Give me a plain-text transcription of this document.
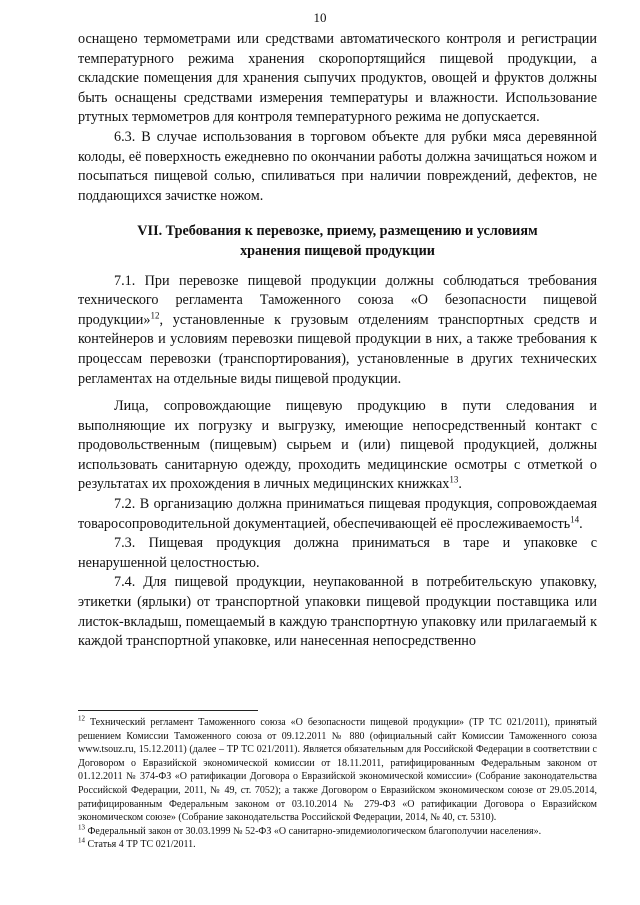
10

оснащено термометрами или средствами автоматического контроля и регистрации температурного режима хранения скоропортящийся пищевой продукции, а складские помещения для хранения сыпучих продуктов, овощей и фруктов должны быть оснащены средствами измерения температуры и влажности. Использование ртутных термометров для контроля температурного режима не допускается.

6.3. В случае использования в торговом объекте для рубки мяса деревянной колоды, её поверхность ежедневно по окончании работы должна зачищаться ножом и посыпаться пищевой солью, спиливаться при наличии повреждений, дефектов, не поддающихся зачистке ножом.

VII. Требования к перевозке, приему, размещению и условиям
хранения пищевой продукции

7.1. При перевозке пищевой продукции должны соблюдаться требования технического регламента Таможенного союза «О безопасности пищевой продукции»$^{12}$, установленные к грузовым отделениям транспортных средств и контейнеров и условиям перевозки пищевой продукции в них, а также требования к процессам перевозки (транспортирования), установленные в других технических регламентах на отдельные виды пищевой продукции.

Лица, сопровождающие пищевую продукцию в пути следования и выполняющие их погрузку и выгрузку, имеющие непосредственный контакт с продовольственным (пищевым) сырьем и (или) пищевой продукцией, должны использовать санитарную одежду, проходить медицинские осмотры с отметкой о результатах их прохождения в личных медицинских книжках$^{13}$.

7.2. В организацию должна приниматься пищевая продукция, сопровождаемая товаросопроводительной документацией, обеспечивающей её прослеживаемость$^{14}$.

7.3. Пищевая продукция должна приниматься в таре и упаковке с ненарушенной целостностью.

7.4. Для пищевой продукции, неупакованной в потребительскую упаковку, этикетки (ярлыки) от транспортной упаковки пищевой продукции поставщика или листок-вкладыш, помещаемый в каждую транспортную упаковку или прилагаемый к каждой транспортной упаковке, или нанесенная непосредственно

$^{12}$ Технический регламент Таможенного союза «О безопасности пищевой продукции» (ТР ТС 021/2011), принятый решением Комиссии Таможенного союза от 09.12.2011 № 880 (официальный сайт Комиссии Таможенного союза www.tsouz.ru, 15.12.2011) (далее – ТР ТС 021/2011). Является обязательным для Российской Федерации в соответствии с Договором о Евразийской экономической комиссии от 18.11.2011, ратифицированным Федеральным законом от 01.12.2011 № 374-ФЗ «О ратификации Договора о Евразийской экономической комиссии» (Собрание законодательства Российской Федерации, 2011, № 49, ст. 7052); а также Договором о Евразийском экономическом союзе от 29.05.2014, ратифицированным Федеральным законом от 03.10.2014 № 279-ФЗ «О ратификации Договора о Евразийском экономическом союзе» (Собрание законодательства Российской Федерации, 2014, № 40, ст. 5310).

$^{13}$ Федеральный закон от 30.03.1999 № 52-ФЗ «О санитарно-эпидемиологическом благополучии населения».

$^{14}$ Статья 4 ТР ТС 021/2011.
